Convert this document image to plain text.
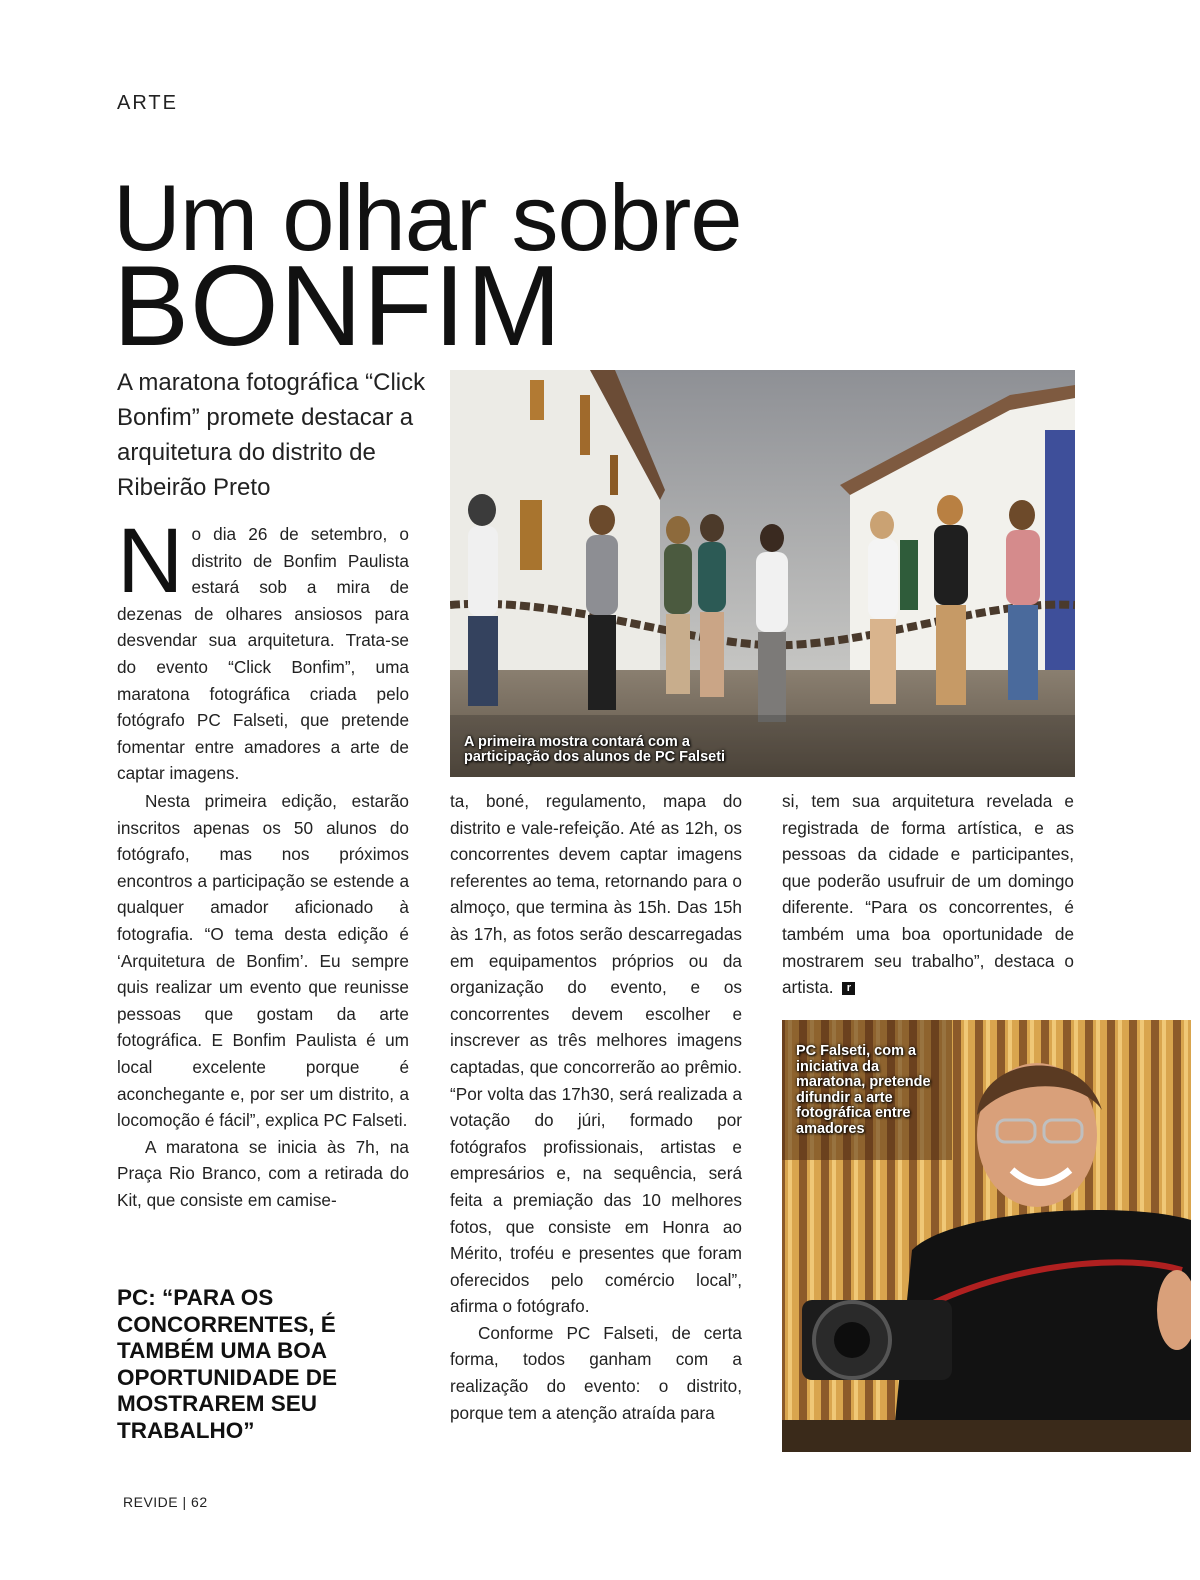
ARTE
Um olhar sobre
BONFIM
A maratona fotográfica “Click Bonfim” promete destacar a arquitetura do distrito de Ribeirão Preto
N o dia 26 de setembro, o distrito de Bonfim Paulista estará sob a mira de dezenas de olhares ansiosos para desvendar sua arquitetura. Trata-se do evento “Click Bonfim”, uma maratona fotográfica criada pelo fotógrafo PC Falseti, que pretende fomentar entre amadores a arte de captar imagens.

Nesta primeira edição, estarão inscritos apenas os 50 alunos do fotógrafo, mas nos próximos encontros a participação se estende a qualquer amador aficionado à fotografia. “O tema desta edição é ‘Arquitetura de Bonfim’. Eu sempre quis realizar um evento que reunisse pessoas que gostam da arte fotográfica. E Bonfim Paulista é um local excelente porque é aconchegante e, por ser um distrito, a locomoção é fácil”, explica PC Falseti.

A maratona se inicia às 7h, na Praça Rio Branco, com a retirada do Kit, que consiste em camise-

PC: “PARA OS CONCORRENTES, É TAMBÉM UMA BOA OPORTUNIDADE DE MOSTRAREM SEU TRABALHO”

ta, boné, regulamento, mapa do distrito e vale-refeição. Até as 12h, os concorrentes devem captar imagens referentes ao tema, retornando para o almoço, que termina às 15h. Das 15h às 17h, as fotos serão descarregadas em equipamentos próprios ou da organização do evento, e os concorrentes devem escolher e inscrever as três melhores imagens captadas, que concorrerão ao prêmio. “Por volta das 17h30, será realizada a votação do júri, formado por fotógrafos profissionais, artistas e empresários e, na sequência, será feita a premiação das 10 melhores fotos, que consiste em Honra ao Mérito, troféu e presentes que foram oferecidos pelo comércio local”, afirma o fotógrafo.

Conforme PC Falseti, de certa forma, todos ganham com a realização do evento: o distrito, porque tem a atenção atraída para

si, tem sua arquitetura revelada e registrada de forma artística, e as pessoas da cidade e participantes, que poderão usufruir de um domingo diferente. “Para os concorrentes, é também uma boa oportunidade de mostrarem seu trabalho”, destaca o artista. r

A primeira mostra contará com a participação dos alunos de PC Falseti
PC Falseti, com a iniciativa da maratona, pretende difundir a arte fotográfica entre amadores
REVIDE | 62
